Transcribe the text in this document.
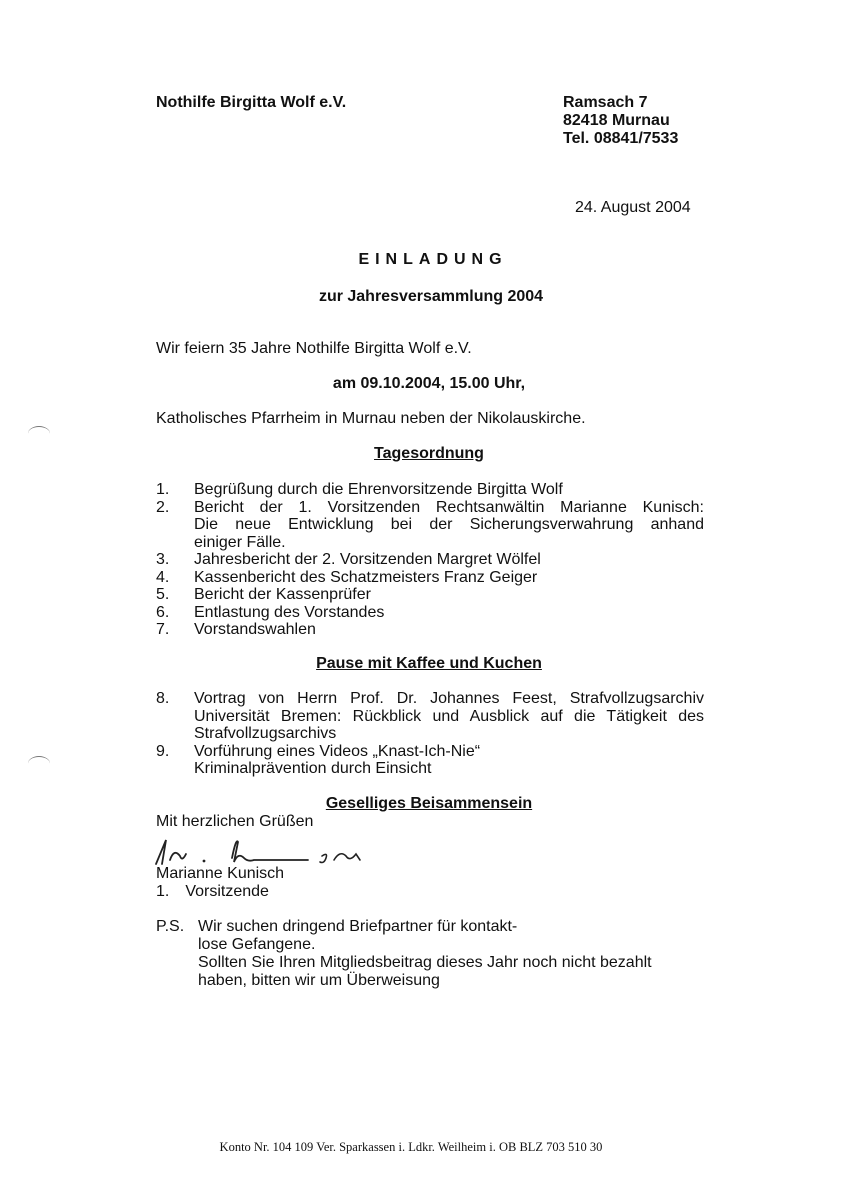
Nothilfe Birgitta Wolf e.V.	Ramsach 7
82418 Murnau
Tel. 08841/7533
24. August 2004
EINLADUNG
zur Jahresversammlung 2004
Wir feiern 35 Jahre Nothilfe Birgitta Wolf e.V.
am 09.10.2004, 15.00 Uhr,
Katholisches Pfarrheim in Murnau neben der Nikolauskirche.
Tagesordnung
1.	Begrüßung durch die Ehrenvorsitzende Birgitta Wolf
2.	Bericht der 1. Vorsitzenden Rechtsanwältin Marianne Kunisch:
Die neue Entwicklung bei der Sicherungsverwahrung anhand
einiger Fälle.
3.	Jahresbericht der 2. Vorsitzenden Margret Wölfel
4.	Kassenbericht des Schatzmeisters Franz Geiger
5.	Bericht der Kassenprüfer
6.	Entlastung des Vorstandes
7.	Vorstandswahlen
Pause mit Kaffee und Kuchen
8.	Vortrag von Herrn Prof. Dr. Johannes Feest, Strafvollzugsarchiv
Universität Bremen: Rückblick und Ausblick auf die Tätigkeit des
Strafvollzugsarchivs
9.	Vorführung eines Videos „Knast-Ich-Nie“
Kriminalprävention durch Einsicht
Geselliges Beisammensein
Mit herzlichen Grüßen
Marianne Kunisch
1. Vorsitzende
P.S. Wir suchen dringend Briefpartner für kontakt-
lose Gefangene.
Sollten Sie Ihren Mitgliedsbeitrag dieses Jahr noch nicht bezahlt
haben, bitten wir um Überweisung
Konto Nr. 104 109 Ver. Sparkassen i. Ldkr. Weilheim i. OB BLZ 703 510 30
